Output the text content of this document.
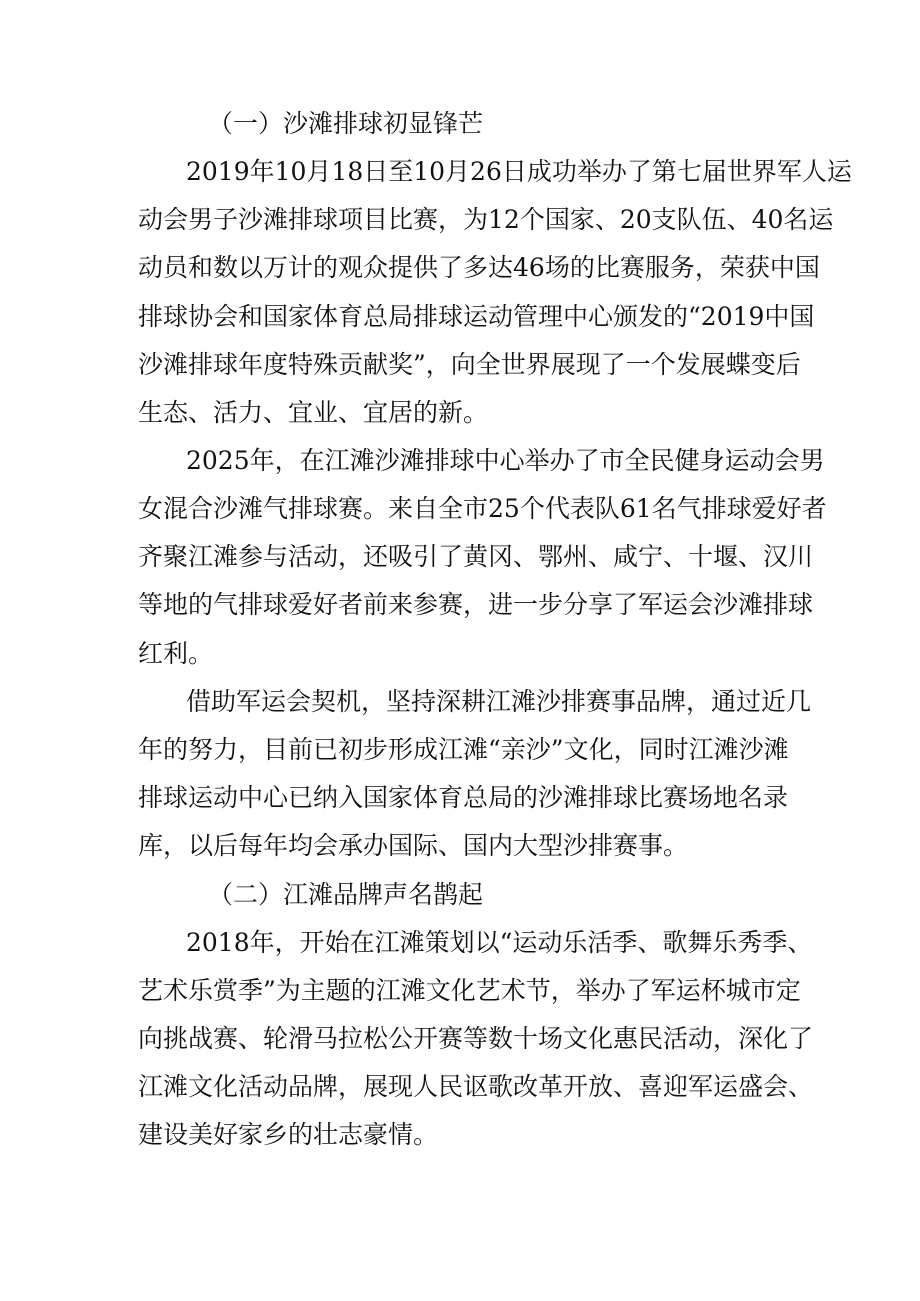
（一）沙滩排球初显锋芒
2019年10月18日至10月26日成功举办了第七届世界军人运
动会男子沙滩排球项目比赛，为12个国家、20支队伍、40名运
动员和数以万计的观众提供了多达46场的比赛服务，荣获中国
排球协会和国家体育总局排球运动管理中心颁发的“2019中国
沙滩排球年度特殊贡献奖”，向全世界展现了一个发展蝶变后
生态、活力、宜业、宜居的新。
2025年，在江滩沙滩排球中心举办了市全民健身运动会男
女混合沙滩气排球赛。来自全市25个代表队61名气排球爱好者
齐聚江滩参与活动，还吸引了黄冈、鄂州、咸宁、十堰、汉川
等地的气排球爱好者前来参赛，进一步分享了军运会沙滩排球
红利。
借助军运会契机，坚持深耕江滩沙排赛事品牌，通过近几
年的努力，目前已初步形成江滩“亲沙”文化，同时江滩沙滩
排球运动中心已纳入国家体育总局的沙滩排球比赛场地名录
库，以后每年均会承办国际、国内大型沙排赛事。
（二）江滩品牌声名鹊起
2018年，开始在江滩策划以“运动乐活季、歌舞乐秀季、
艺术乐赏季”为主题的江滩文化艺术节，举办了军运杯城市定
向挑战赛、轮滑马拉松公开赛等数十场文化惠民活动，深化了
江滩文化活动品牌，展现人民讴歌改革开放、喜迎军运盛会、
建设美好家乡的壮志豪情。
